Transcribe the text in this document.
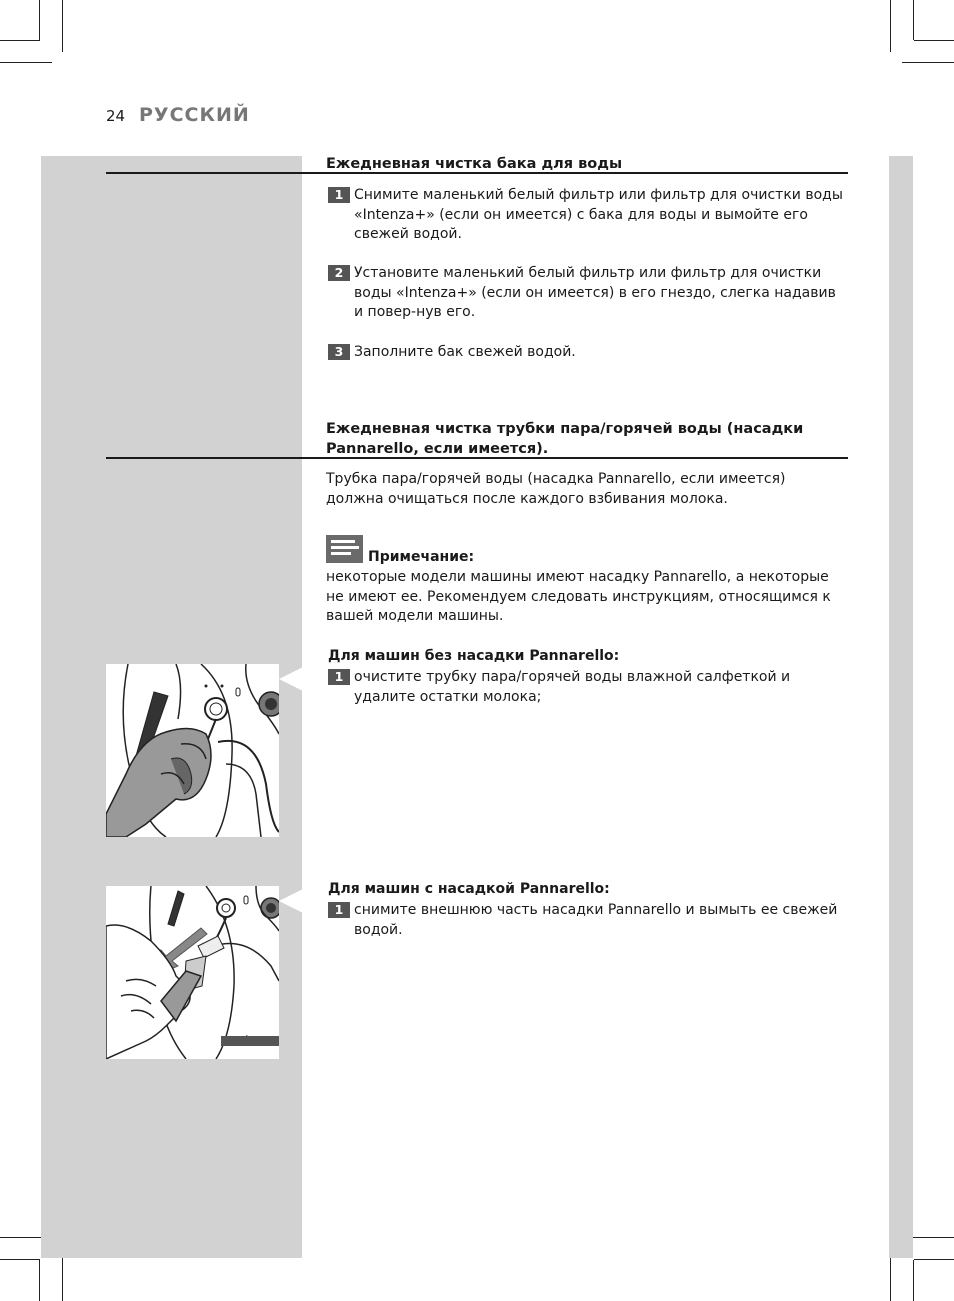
24 РУССКИЙ
Ежедневная чистка бака для воды
1 Снимите маленький белый фильтр или фильтр для очистки воды «Intenza+» (если он имеется) с бака для воды и вымойте его свежей водой.
2 Установите маленький белый фильтр или фильтр для очистки воды «Intenza+» (если он имеется) в его гнездо, слегка надавив и повер-нув его.
3 Заполните бак свежей водой.
Ежедневная чистка трубки пара/горячей воды (насадки Pannarello, если имеется).
Трубка пара/горячей воды (насадка Pannarello, если имеется) должна очищаться после каждого взбивания молока.
Примечание:
некоторые модели машины имеют насадку Pannarello, а некоторые не имеют ее. Рекомендуем следовать инструкциям, относящимся к вашей модели машины.
Для машин без насадки Pannarello:
1 очистите трубку пара/горячей воды влажной салфеткой и удалите остатки молока;
Для машин с насадкой Pannarello:
1 снимите внешнюю часть насадки Pannarello и вымыть ее свежей водой.
